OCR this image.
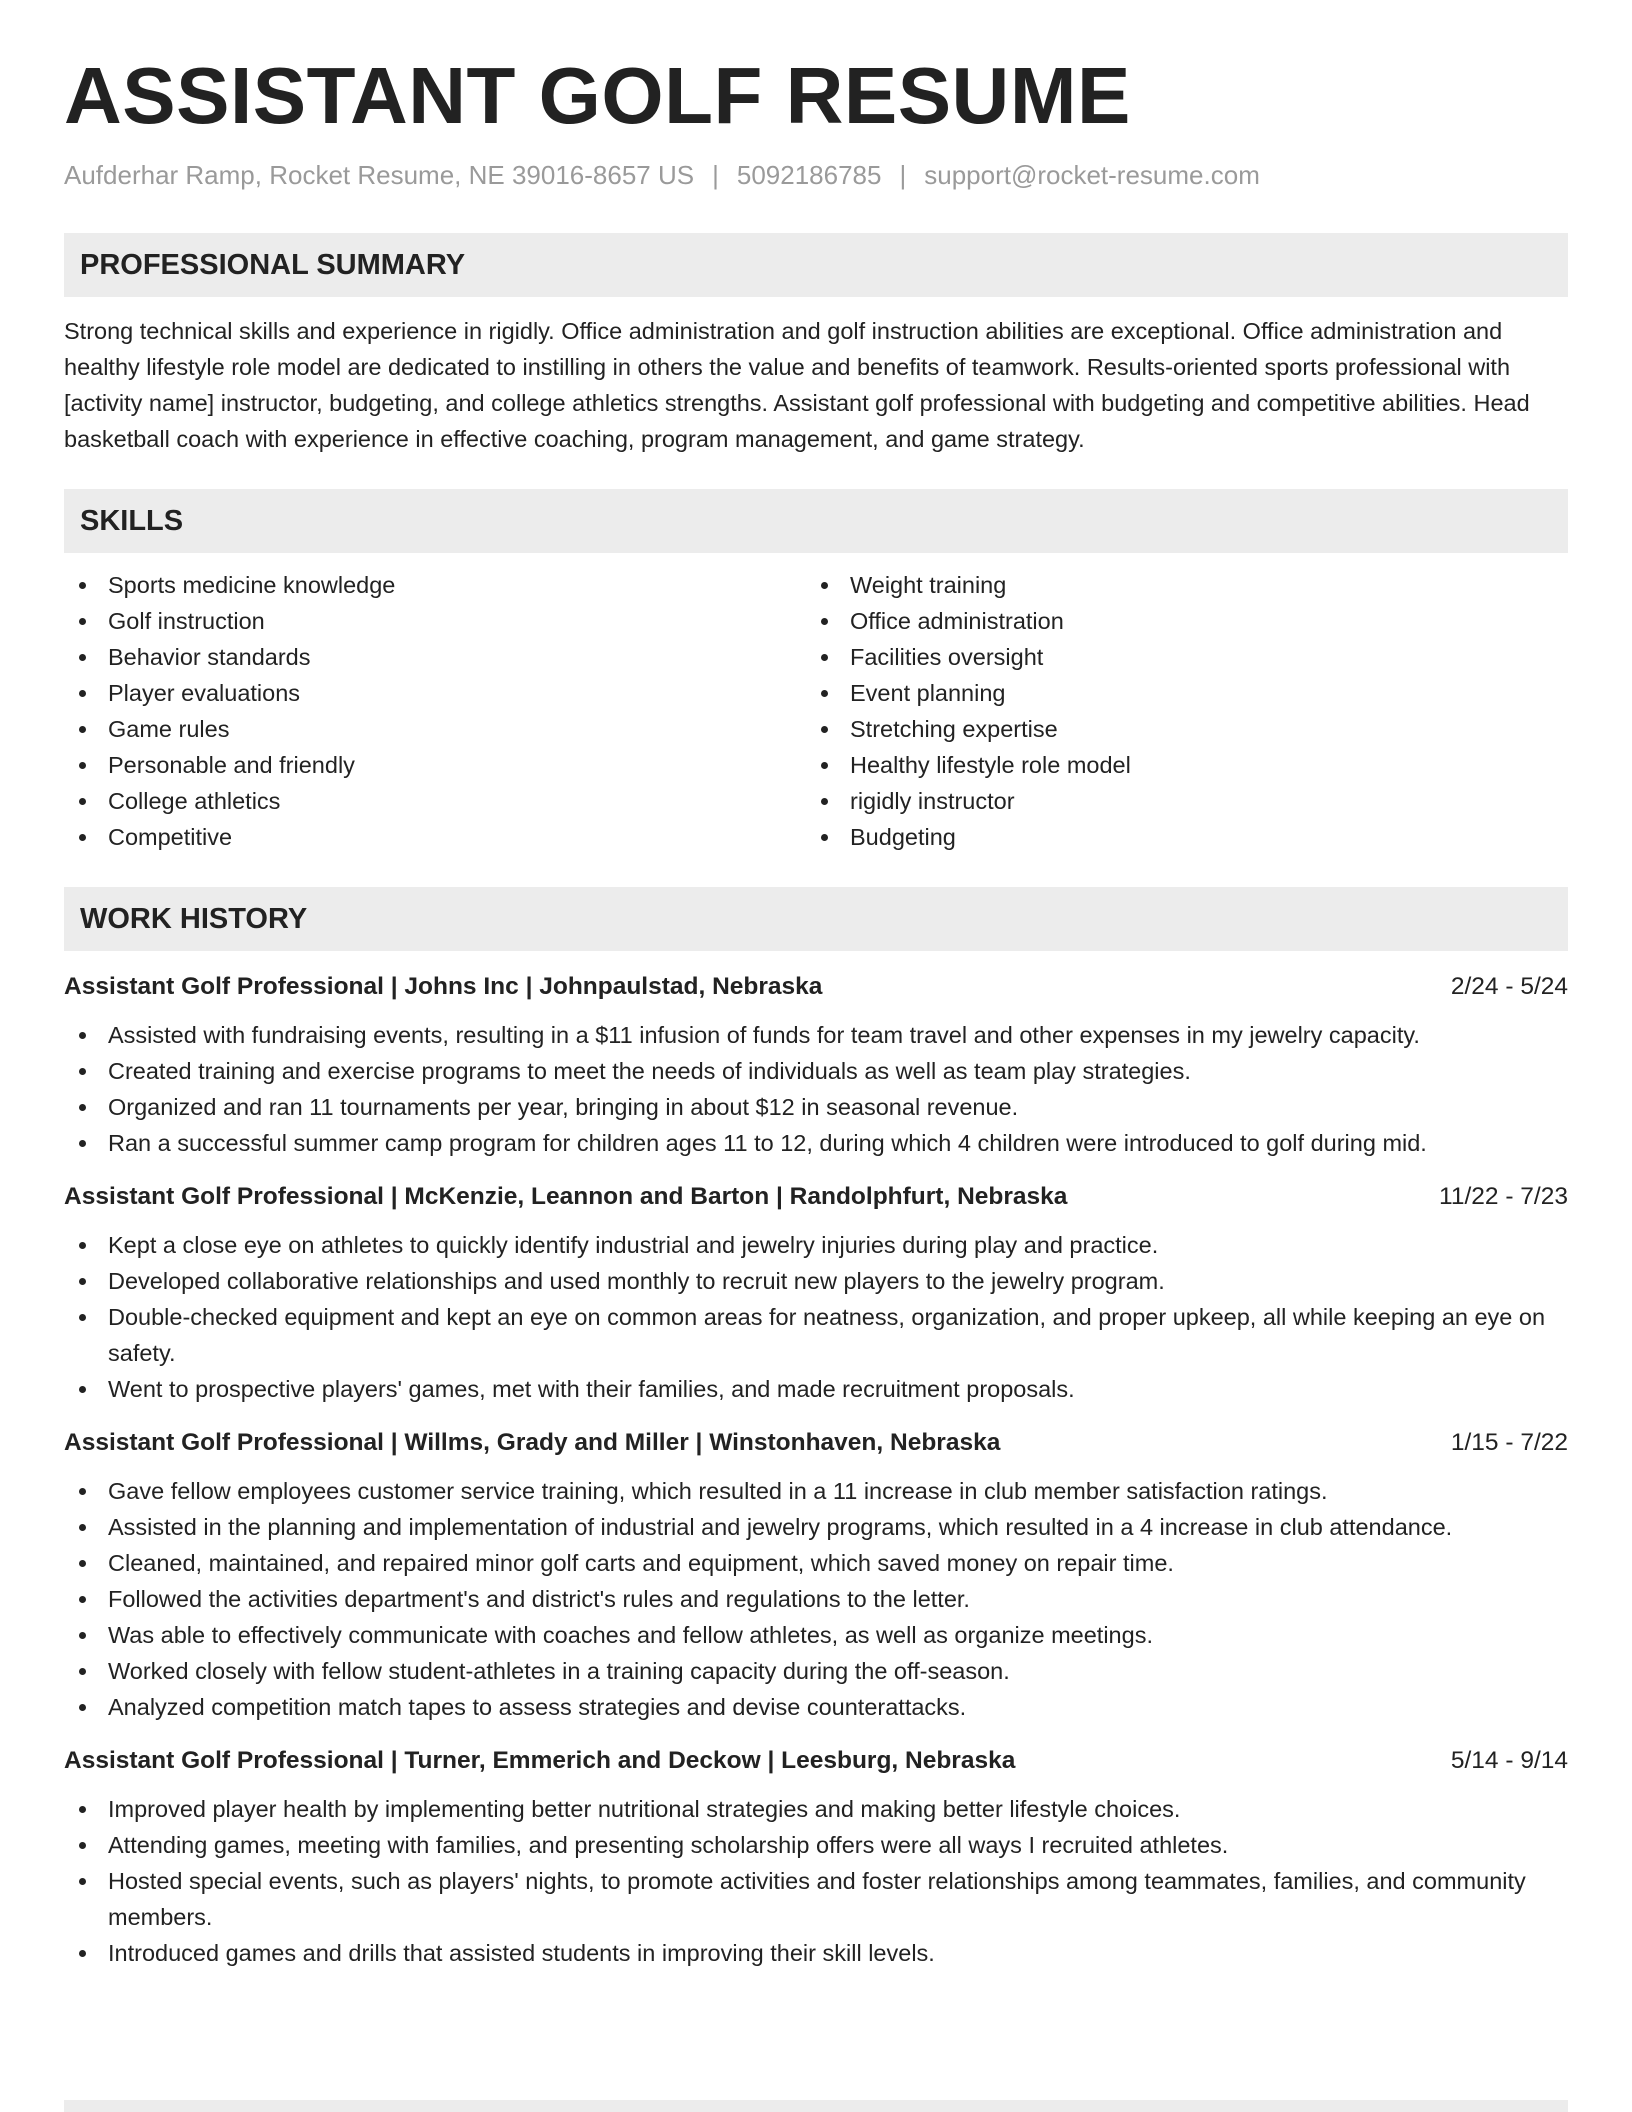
ASSISTANT GOLF RESUME
Aufderhar Ramp, Rocket Resume, NE 39016-8657 US | 5092186785 | support@rocket-resume.com
PROFESSIONAL SUMMARY

Strong technical skills and experience in rigidly. Office administration and golf instruction abilities are exceptional. Office administration and healthy lifestyle role model are dedicated to instilling in others the value and benefits of teamwork. Results-oriented sports professional with [activity name] instructor, budgeting, and college athletics strengths. Assistant golf professional with budgeting and competitive abilities. Head basketball coach with experience in effective coaching, program management, and game strategy.

SKILLS
Sports medicine knowledge
Golf instruction
Behavior standards
Player evaluations
Game rules
Personable and friendly
College athletics
Competitive
Weight training
Office administration
Facilities oversight
Event planning
Stretching expertise
Healthy lifestyle role model
rigidly instructor
Budgeting
WORK HISTORY
Assistant Golf Professional | Johns Inc | Johnpaulstad, Nebraska	2/24 - 5/24
Assisted with fundraising events, resulting in a $11 infusion of funds for team travel and other expenses in my jewelry capacity.
Created training and exercise programs to meet the needs of individuals as well as team play strategies.
Organized and ran 11 tournaments per year, bringing in about $12 in seasonal revenue.
Ran a successful summer camp program for children ages 11 to 12, during which 4 children were introduced to golf during mid.
Assistant Golf Professional | McKenzie, Leannon and Barton | Randolphfurt, Nebraska	11/22 - 7/23
Kept a close eye on athletes to quickly identify industrial and jewelry injuries during play and practice.
Developed collaborative relationships and used monthly to recruit new players to the jewelry program.
Double-checked equipment and kept an eye on common areas for neatness, organization, and proper upkeep, all while keeping an eye on safety.
Went to prospective players' games, met with their families, and made recruitment proposals.
Assistant Golf Professional | Willms, Grady and Miller | Winstonhaven, Nebraska	1/15 - 7/22
Gave fellow employees customer service training, which resulted in a 11 increase in club member satisfaction ratings.
Assisted in the planning and implementation of industrial and jewelry programs, which resulted in a 4 increase in club attendance.
Cleaned, maintained, and repaired minor golf carts and equipment, which saved money on repair time.
Followed the activities department's and district's rules and regulations to the letter.
Was able to effectively communicate with coaches and fellow athletes, as well as organize meetings.
Worked closely with fellow student-athletes in a training capacity during the off-season.
Analyzed competition match tapes to assess strategies and devise counterattacks.
Assistant Golf Professional | Turner, Emmerich and Deckow | Leesburg, Nebraska	5/14 - 9/14
Improved player health by implementing better nutritional strategies and making better lifestyle choices.
Attending games, meeting with families, and presenting scholarship offers were all ways I recruited athletes.
Hosted special events, such as players' nights, to promote activities and foster relationships among teammates, families, and community members.
Introduced games and drills that assisted students in improving their skill levels.
